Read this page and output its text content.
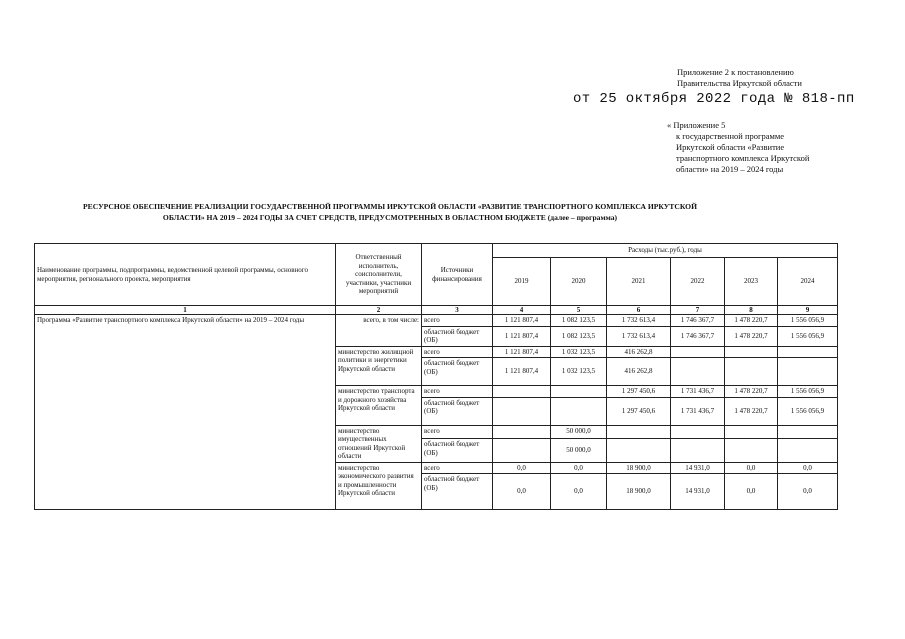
Приложение 2 к постановлению
Правительства Иркутской области
от 25 октября 2022 года № 818-пп
« Приложение 5
к государственной программе
Иркутской области «Развитие
транспортного комплекса Иркутской
области» на 2019 – 2024 годы
РЕСУРСНОЕ ОБЕСПЕЧЕНИЕ РЕАЛИЗАЦИИ ГОСУДАРСТВЕННОЙ ПРОГРАММЫ ИРКУТСКОЙ ОБЛАСТИ «РАЗВИТИЕ ТРАНСПОРТНОГО КОМПЛЕКСА ИРКУТСКОЙ
ОБЛАСТИ» НА 2019 – 2024 ГОДЫ ЗА СЧЕТ СРЕДСТВ, ПРЕДУСМОТРЕННЫХ В ОБЛАСТНОМ БЮДЖЕТЕ (далее – программа)
Наименование программы, подпрограммы, ведомственной целевой программы, основного мероприятия, регионального проекта, мероприятия	Ответственный исполнитель, соисполнители, участники, участники мероприятий	Источники финансирования	Расходы (тыс.руб.), годы					
			2019	2020	2021	2022	2023	2024
1	2	3	4	5	6	7	8	9
Программа «Развитие транспортного комплекса Иркутской области» на 2019 – 2024 годы	всего, в том числе:	всего	1 121 807,4	1 082 123,5	1 732 613,4	1 746 367,7	1 478 220,7	1 556 056,9
		областной бюджет (ОБ)	1 121 807,4	1 082 123,5	1 732 613,4	1 746 367,7	1 478 220,7	1 556 056,9
	министерство жилищной политики и энергетики Иркутской области	всего	1 121 807,4	1 032 123,5	416 262,8			
		областной бюджет (ОБ)	1 121 807,4	1 032 123,5	416 262,8			
	министерство транспорта и дорожного хозяйства Иркутской области	всего			1 297 450,6	1 731 436,7	1 478 220,7	1 556 056,9
		областной бюджет (ОБ)			1 297 450,6	1 731 436,7	1 478 220,7	1 556 056,9
	министерство имущественных отношений Иркутской области	всего		50 000,0				
		областной бюджет (ОБ)		50 000,0				
	министерство экономического развития и промышленности Иркутской области	всего	0,0	0,0	18 900,0	14 931,0	0,0	0,0
		областной бюджет (ОБ)	0,0	0,0	18 900,0	14 931,0	0,0	0,0
